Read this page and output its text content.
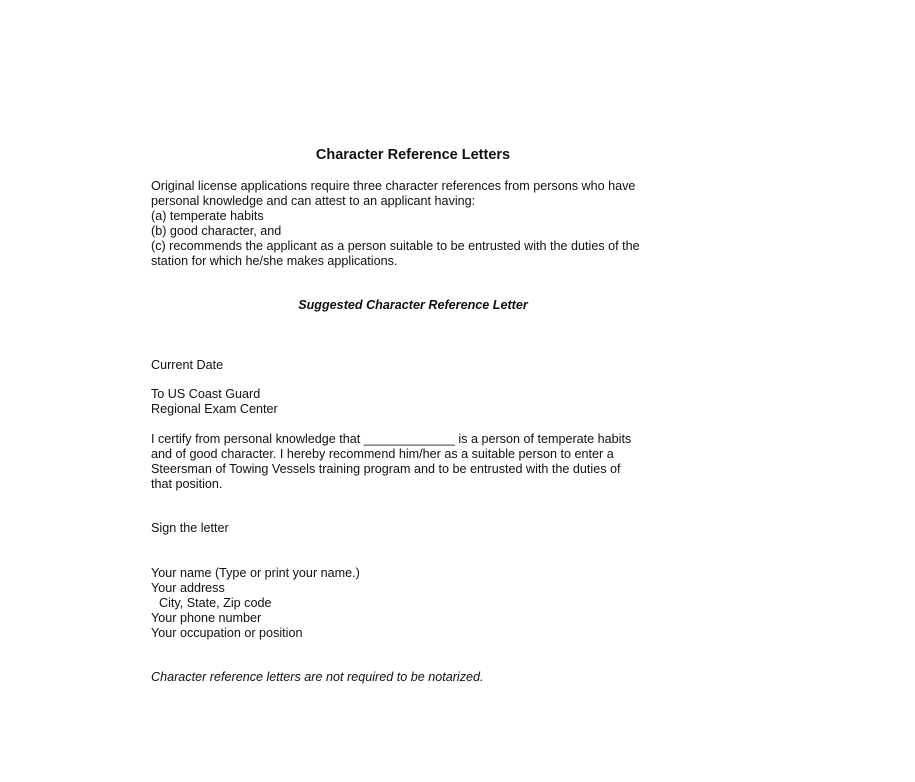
Character Reference Letters
Original license applications require three character references from persons who have
personal knowledge and can attest to an applicant having:
(a) temperate habits
(b) good character, and
(c) recommends the applicant as a person suitable to be entrusted with the duties of the
station for which he/she makes applications.
Suggested Character Reference Letter
Current Date
To US Coast Guard
Regional Exam Center
I certify from personal knowledge that _____________ is a person of temperate habits
and of good character. I hereby recommend him/her as a suitable person to enter a
Steersman of Towing Vessels training program and to be entrusted with the duties of
that position.
Sign the letter
Your name (Type or print your name.)
Your address
City, State, Zip code
Your phone number
Your occupation or position
Character reference letters are not required to be notarized.
